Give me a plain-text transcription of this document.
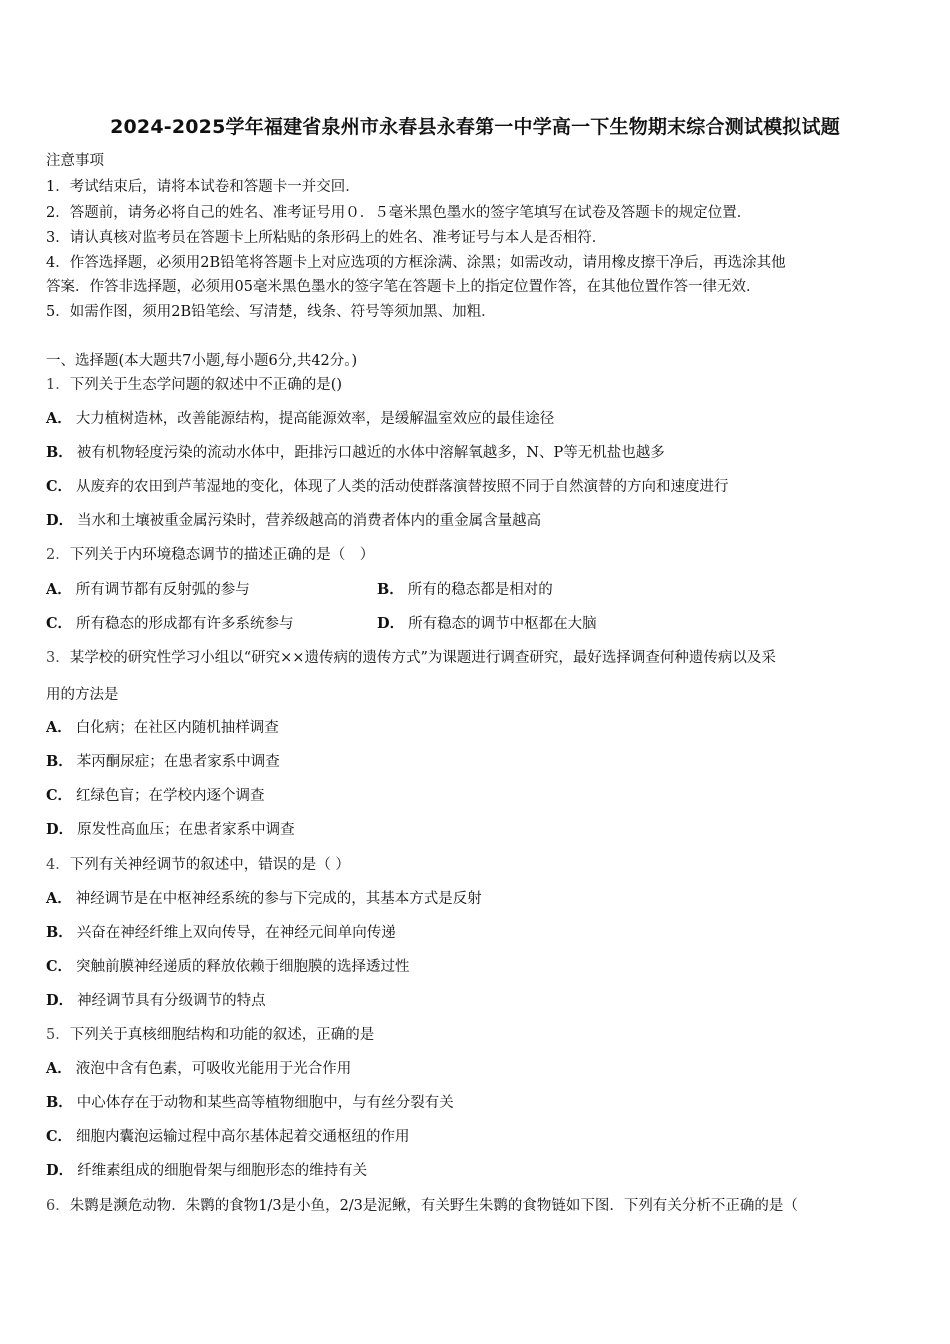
2024-2025学年福建省泉州市永春县永春第一中学高一下生物期末综合测试模拟试题
注意事项
1．考试结束后，请将本试卷和答题卡一并交回．
2．答题前，请务必将自己的姓名、准考证号用０．５毫米黑色墨水的签字笔填写在试卷及答题卡的规定位置．
3．请认真核对监考员在答题卡上所粘贴的条形码上的姓名、准考证号与本人是否相符．
4．作答选择题，必须用2B铅笔将答题卡上对应选项的方框涂满、涂黑；如需改动，请用橡皮擦干净后，再选涂其他
答案．作答非选择题，必须用05毫米黑色墨水的签字笔在答题卡上的指定位置作答，在其他位置作答一律无效．
5．如需作图，须用2B铅笔绘、写清楚，线条、符号等须加黑、加粗．
一、选择题(本大题共7小题,每小题6分,共42分。)
1．下列关于生态学问题的叙述中不正确的是()
A． 大力植树造林，改善能源结构，提高能源效率，是缓解温室效应的最佳途径
B． 被有机物轻度污染的流动水体中，距排污口越近的水体中溶解氧越多，N、P等无机盐也越多
C． 从废弃的农田到芦苇湿地的变化，体现了人类的活动使群落演替按照不同于自然演替的方向和速度进行
D． 当水和土壤被重金属污染时，营养级越高的消费者体内的重金属含量越高
2．下列关于内环境稳态调节的描述正确的是（　）
A． 所有调节都有反射弧的参与	B． 所有的稳态都是相对的
C． 所有稳态的形成都有许多系统参与	D． 所有稳态的调节中枢都在大脑
3．某学校的研究性学习小组以“研究××遗传病的遗传方式”为课题进行调查研究，最好选择调查何种遗传病以及采
用的方法是
A． 白化病；在社区内随机抽样调查
B． 苯丙酮尿症；在患者家系中调查
C． 红绿色盲；在学校内逐个调查
D． 原发性高血压；在患者家系中调查
4．下列有关神经调节的叙述中，错误的是（ ）
A． 神经调节是在中枢神经系统的参与下完成的，其基本方式是反射
B． 兴奋在神经纤维上双向传导，在神经元间单向传递
C． 突触前膜神经递质的释放依赖于细胞膜的选择透过性
D． 神经调节具有分级调节的特点
5．下列关于真核细胞结构和功能的叙述，正确的是
A． 液泡中含有色素，可吸收光能用于光合作用
B． 中心体存在于动物和某些高等植物细胞中，与有丝分裂有关
C． 细胞内囊泡运输过程中高尔基体起着交通枢纽的作用
D． 纤维素组成的细胞骨架与细胞形态的维持有关
6．朱鹮是濒危动物．朱鹮的食物1/3是小鱼，2/3是泥鳅，有关野生朱鹮的食物链如下图．下列有关分析不正确的是（
